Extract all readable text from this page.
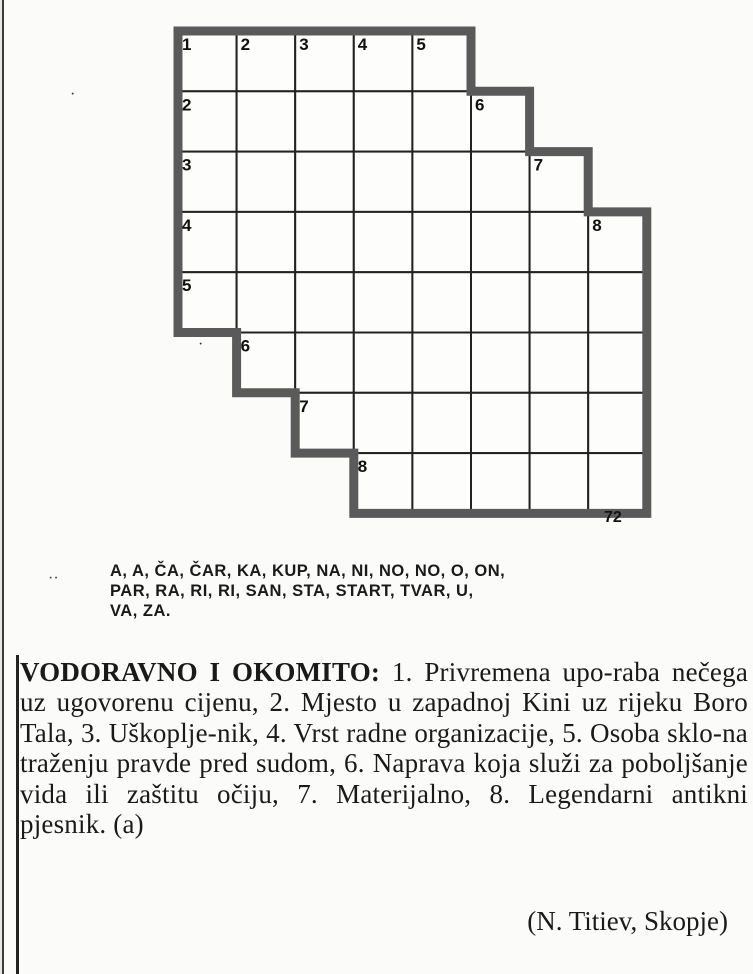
1	2	3	4	5
2	6
3	7
4	8
5
6
7
8
72
·
·
··	A, A, ČA, ČAR, KA, KUP, NA, NI, NO, NO, O, ON,
PAR, RA, RI, RI, SAN, STA, START, TVAR, U,
VA, ZA.
VODORAVNO I OKOMITO: 1. Privremena upo-raba nečega uz ugovorenu cijenu, 2. Mjesto u zapadnoj Kini uz rijeku Boro Tala, 3. Uškoplje-nik, 4. Vrst radne organizacije, 5. Osoba sklo-na traženju pravde pred sudom, 6. Naprava koja služi za poboljšanje vida ili zaštitu očiju, 7. Materijalno, 8. Legendarni antikni pjesnik. (a)
(N. Titiev, Skopje)
